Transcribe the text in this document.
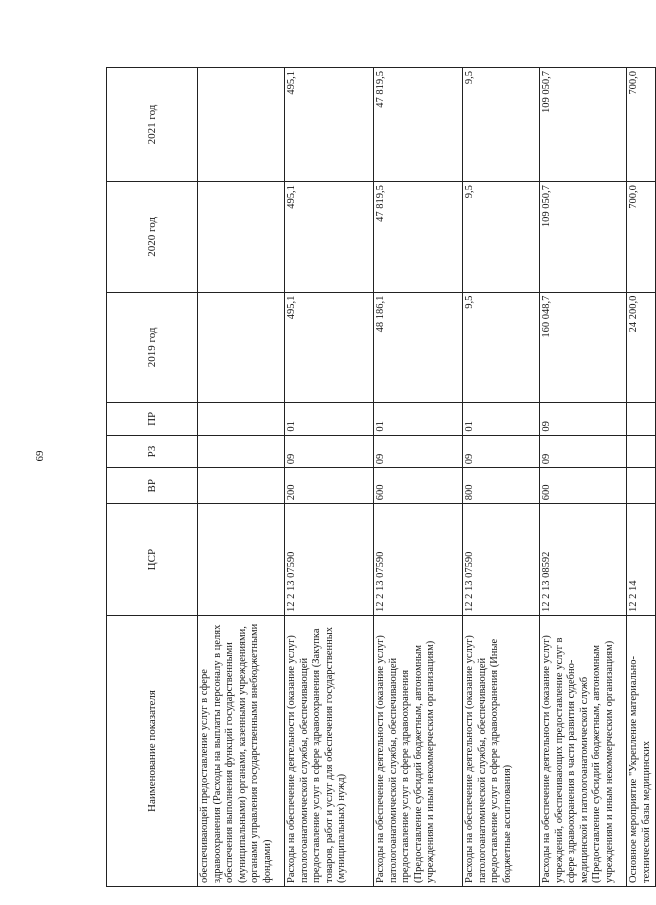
69
Наименование показателя	ЦСР	ВР	РЗ	ПР	2019 год	2020 год	2021 год
обеспечивающей предоставление услуг в сфере здравоохранения (Расходы на выплаты персоналу в целях обеспечения выполнения функций государственными (муниципальными) органами, казенными учреждениями, органами управления государственными внебюджетными фондами)							
Расходы на обеспечение деятельности (оказание услуг) патологоанатомической службы, обеспечивающей предоставление услуг в сфере здравоохранения (Закупка товаров, работ и услуг для обеспечения государственных (муниципальных) нужд)	12 2 13 07590	200	09	01	495,1	495,1	495,1
Расходы на обеспечение деятельности (оказание услуг) патологоанатомической службы, обеспечивающей предоставление услуг в сфере здравоохранения (Предоставление субсидий бюджетным, автономным учреждениям и иным некоммерческим организациям)	12 2 13 07590	600	09	01	48 186,1	47 819,5	47 819,5
Расходы на обеспечение деятельности (оказание услуг) патологоанатомической службы, обеспечивающей предоставление услуг в сфере здравоохранения (Иные бюджетные ассигнования)	12 2 13 07590	800	09	01	9,5	9,5	9,5
Расходы на обеспечение деятельности (оказание услуг) учреждений, обеспечивающих предоставление услуг в сфере здравоохранения в части развития судебно-медицинской и патологоанатомической служб (Предоставление субсидий бюджетным, автономным учреждениям и иным некоммерческим организациям)	12 2 13 08592	600	09	09	160 048,7	109 050,7	109 050,7
Основное мероприятие "Укрепление материально-технической базы медицинских	12 2 14				24 200,0	700,0	700,0
